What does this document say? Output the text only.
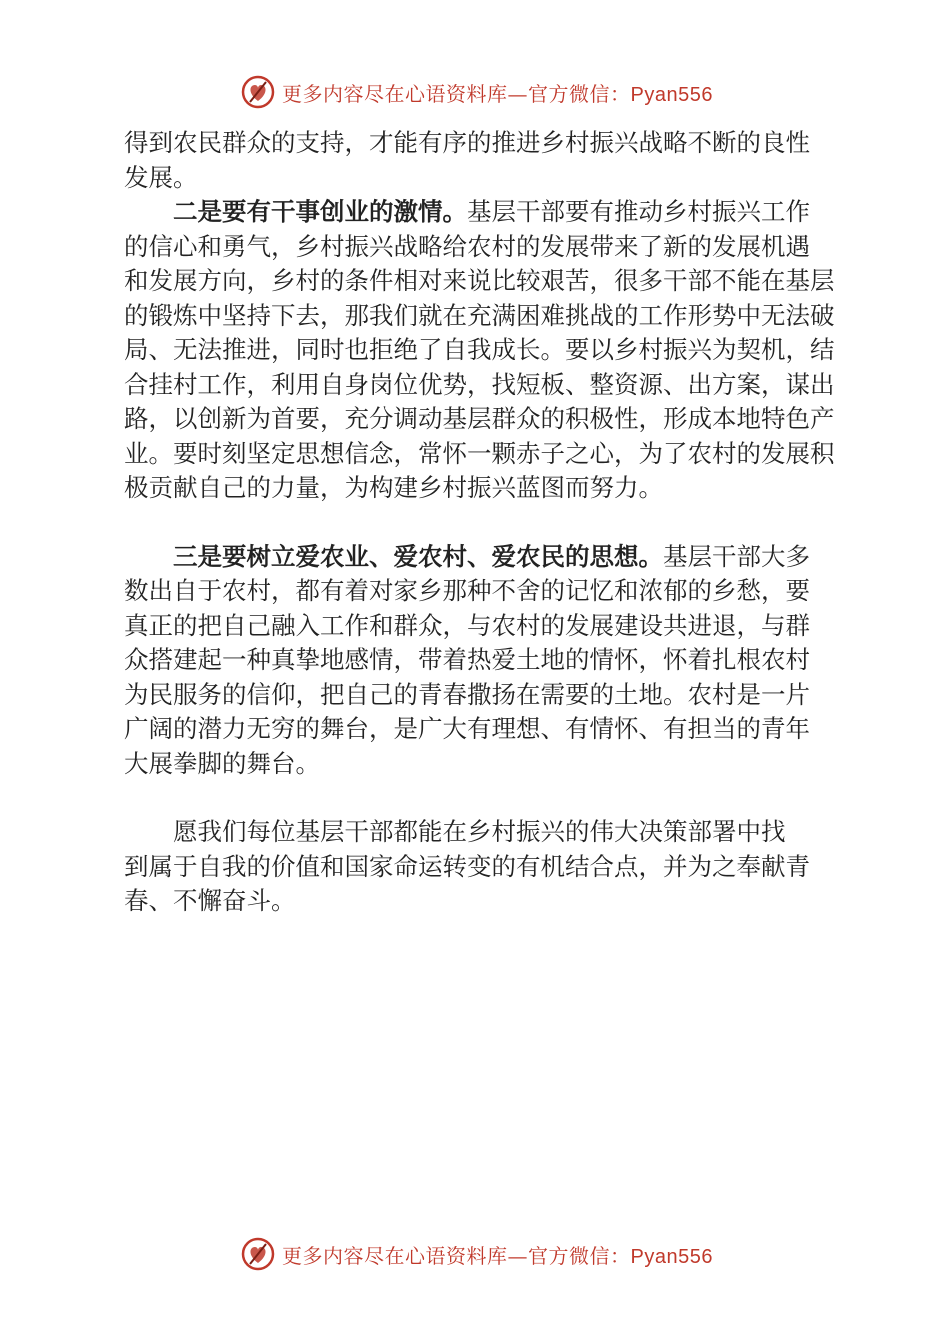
更多内容尽在心语资料库—官方微信：Pyan556
得到农民群众的支持，才能有序的推进乡村振兴战略不断的良性
发展。
二是要有干事创业的激情。基层干部要有推动乡村振兴工作
的信心和勇气，乡村振兴战略给农村的发展带来了新的发展机遇
和发展方向，乡村的条件相对来说比较艰苦，很多干部不能在基层
的锻炼中坚持下去，那我们就在充满困难挑战的工作形势中无法破
局、无法推进，同时也拒绝了自我成长。要以乡村振兴为契机，结
合挂村工作，利用自身岗位优势，找短板、整资源、出方案，谋出
路，以创新为首要，充分调动基层群众的积极性，形成本地特色产
业。要时刻坚定思想信念，常怀一颗赤子之心，为了农村的发展积
极贡献自己的力量，为构建乡村振兴蓝图而努力。
三是要树立爱农业、爱农村、爱农民的思想。基层干部大多
数出自于农村，都有着对家乡那种不舍的记忆和浓郁的乡愁，要
真正的把自己融入工作和群众，与农村的发展建设共进退，与群
众搭建起一种真挚地感情，带着热爱土地的情怀，怀着扎根农村
为民服务的信仰，把自己的青春撒扬在需要的土地。农村是一片
广阔的潜力无穷的舞台，是广大有理想、有情怀、有担当的青年
大展拳脚的舞台。
愿我们每位基层干部都能在乡村振兴的伟大决策部署中找
到属于自我的价值和国家命运转变的有机结合点，并为之奉献青
春、不懈奋斗。
更多内容尽在心语资料库—官方微信：Pyan556
